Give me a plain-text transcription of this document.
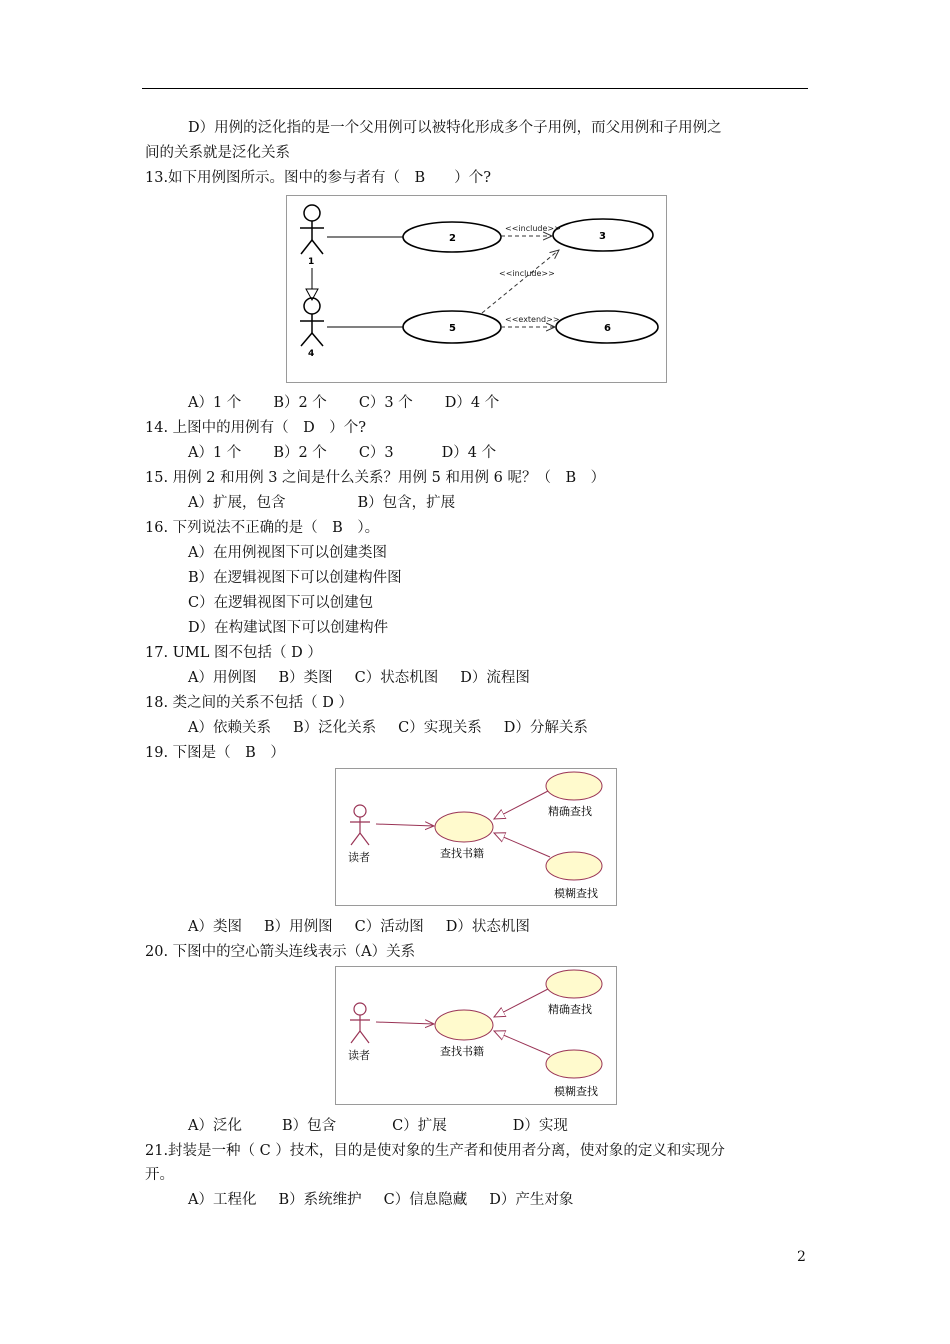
D）用例的泛化指的是一个父用例可以被特化形成多个子用例，而父用例和子用例之
间的关系就是泛化关系
13.如下用例图所示。图中的参与者有（　B　　）个?
1
4
2	3
5	6
<<include>>
<<include>>
<<extend>>
A）1 个 B）2 个 C）3 个 D）4 个
14. 上图中的用例有（　D　）个?
A）1 个 B）2 个 C）3	D）4 个
15. 用例 2 和用例 3 之间是什么关系？用例 5 和用例 6 呢？（　B　）
A）扩展，包含	B）包含，扩展
16. 下列说法不正确的是（　B　）。
A）在用例视图下可以创建类图
B）在逻辑视图下可以创建构件图
C）在逻辑视图下可以创建包
D）在构建试图下可以创建构件
17. UML 图不包括（ D ）
A）用例图 B）类图 C）状态机图 D）流程图
18. 类之间的关系不包括（ D ）
A）依赖关系 B）泛化关系 C）实现关系 D）分解关系
19. 下图是（　B　）
读者	查找书籍
精确查找
模糊查找
A）类图 B）用例图 C）活动图 D）状态机图
20. 下图中的空心箭头连线表示（A）关系
读者	查找书籍
精确查找
模糊查找
A）泛化	B）包含	C）扩展	D）实现
21.封装是一种（ C ）技术，目的是使对象的生产者和使用者分离，使对象的定义和实现分
开。
A）工程化 B）系统维护 C）信息隐藏 D）产生对象
2
